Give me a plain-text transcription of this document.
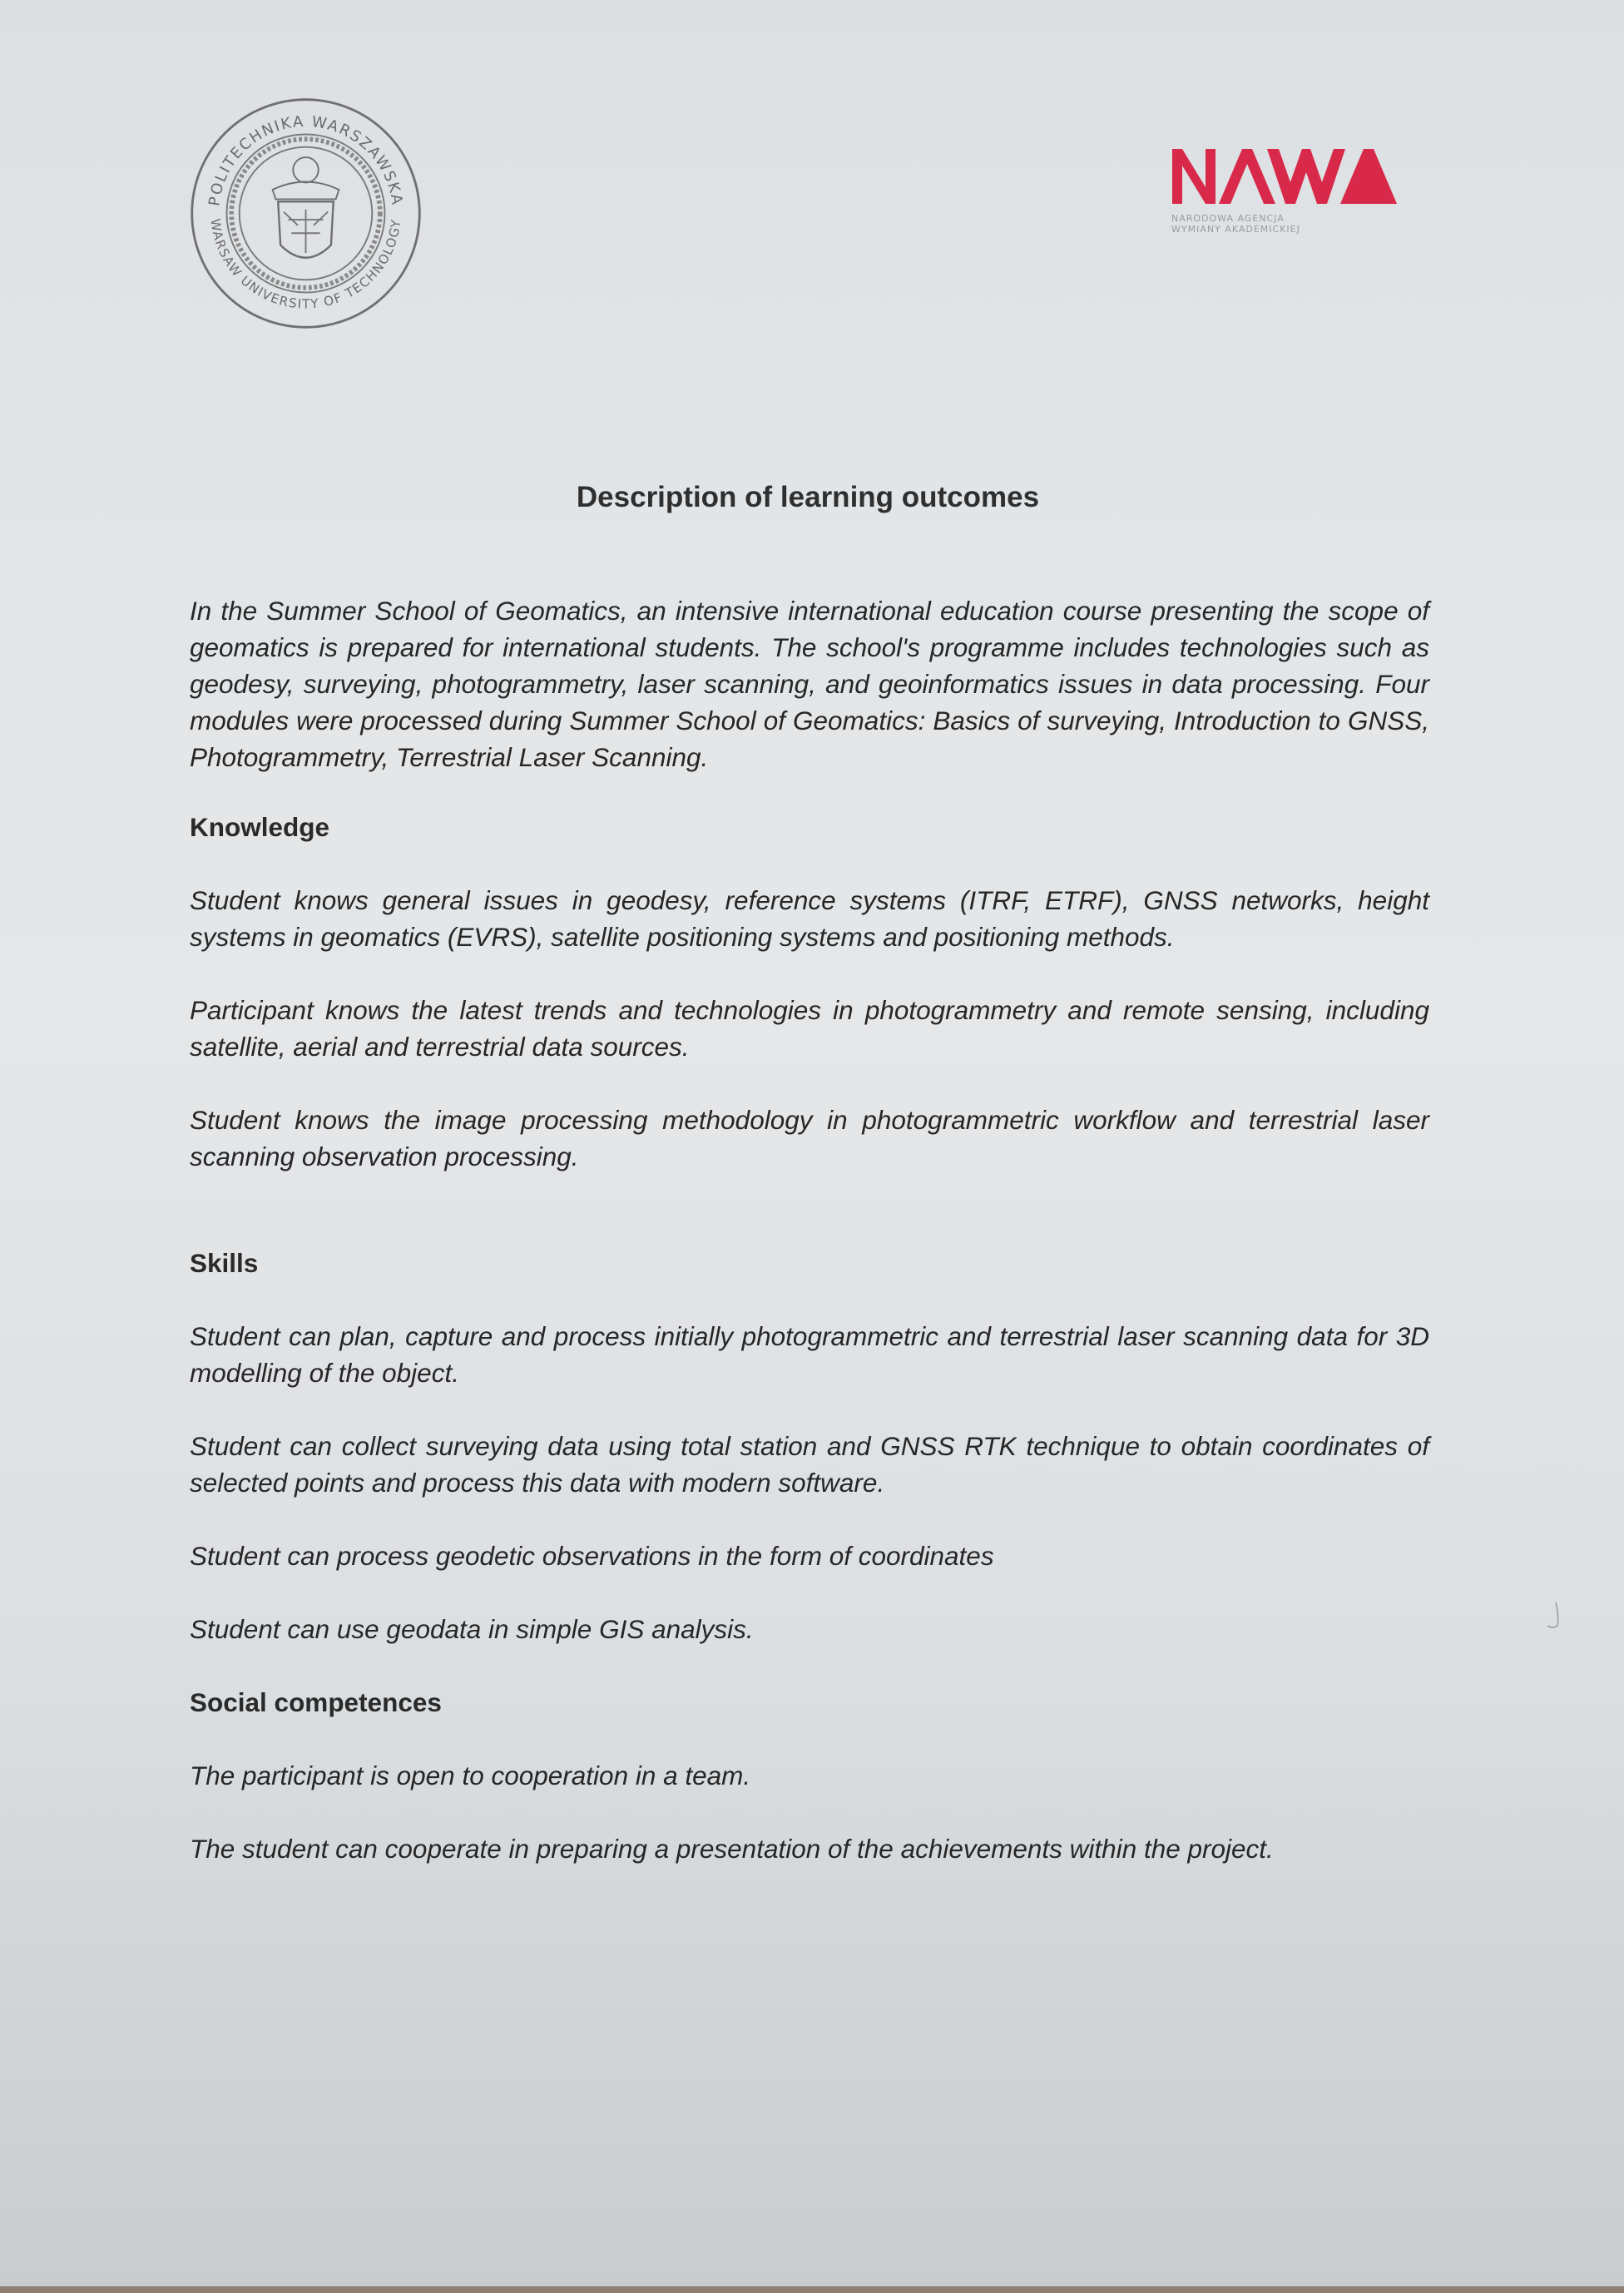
POLITECHNIKA WARSZAWSKA
WARSAW UNIVERSITY OF TECHNOLOGY
NAWA
NARODOWA AGENCJA
WYMIANY AKADEMICKIEJ
Description of learning outcomes

In the Summer School of Geomatics, an intensive international education course presenting the scope of geomatics is prepared for international students. The school's programme includes technologies such as geodesy, surveying, photogrammetry, laser scanning, and geoinformatics issues in data processing. Four modules were processed during Summer School of Geomatics: Basics of surveying, Introduction to GNSS, Photogrammetry, Terrestrial Laser Scanning.

Knowledge

Student knows general issues in geodesy, reference systems (ITRF, ETRF), GNSS networks, height systems in geomatics (EVRS), satellite positioning systems and positioning methods.

Participant knows the latest trends and technologies in photogrammetry and remote sensing, including satellite, aerial and terrestrial data sources.

Student knows the image processing methodology in photogrammetric workflow and terrestrial laser scanning observation processing.

Skills

Student can plan, capture and process initially photogrammetric and terrestrial laser scanning data for 3D modelling of the object.

Student can collect surveying data using total station and GNSS RTK technique to obtain coordinates of selected points and process this data with modern software.

Student can process geodetic observations in the form of coordinates

Student can use geodata in simple GIS analysis.

Social competences

The participant is open to cooperation in a team.

The student can cooperate in preparing a presentation of the achievements within the project.
